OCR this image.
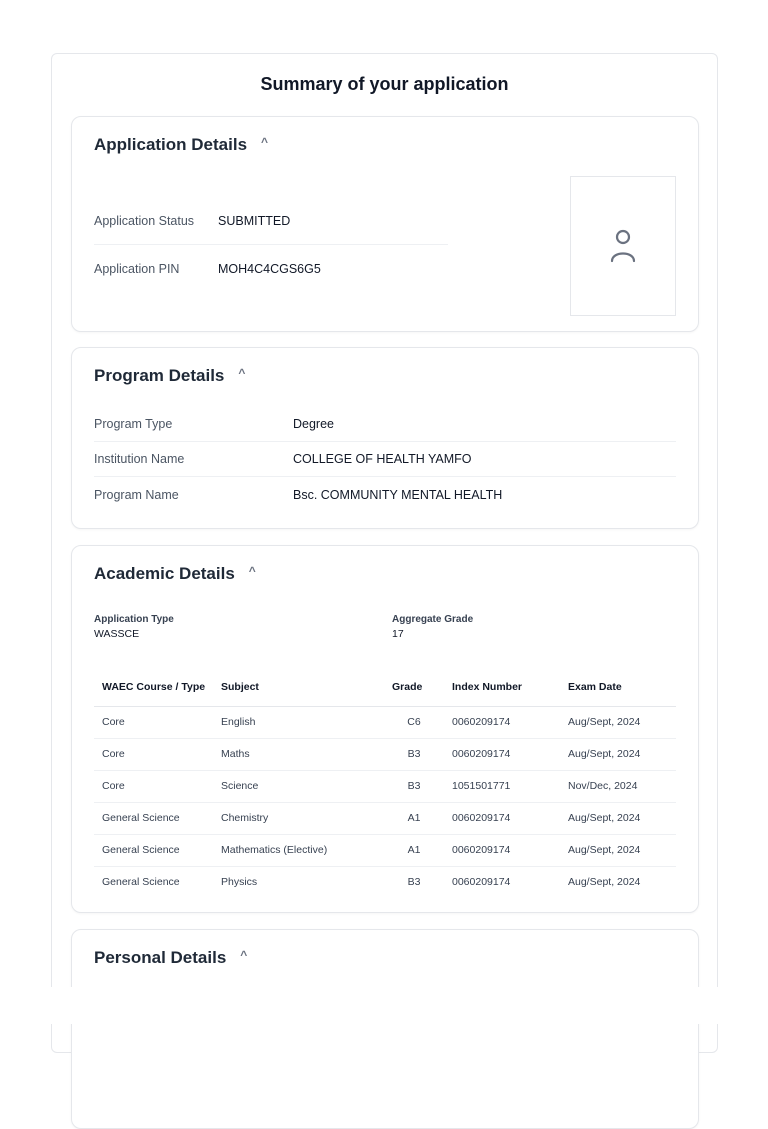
Summary of your application
Application Details ^
Application Status	SUBMITTED
Application PIN	MOH4C4CGS6G5
Program Details ^
Program Type	Degree
Institution Name	COLLEGE OF HEALTH YAMFO
Program Name	Bsc. COMMUNITY MENTAL HEALTH
Academic Details ^
Application Type
WASSCE
Aggregate Grade
17
WAEC Course / Type	Subject	Grade	Index Number	Exam Date
Core	English	C6	0060209174	Aug/Sept, 2024
Core	Maths	B3	0060209174	Aug/Sept, 2024
Core	Science	B3	1051501771	Nov/Dec, 2024
General Science	Chemistry	A1	0060209174	Aug/Sept, 2024
General Science	Mathematics (Elective)	A1	0060209174	Aug/Sept, 2024
General Science	Physics	B3	0060209174	Aug/Sept, 2024
Personal Details ^
